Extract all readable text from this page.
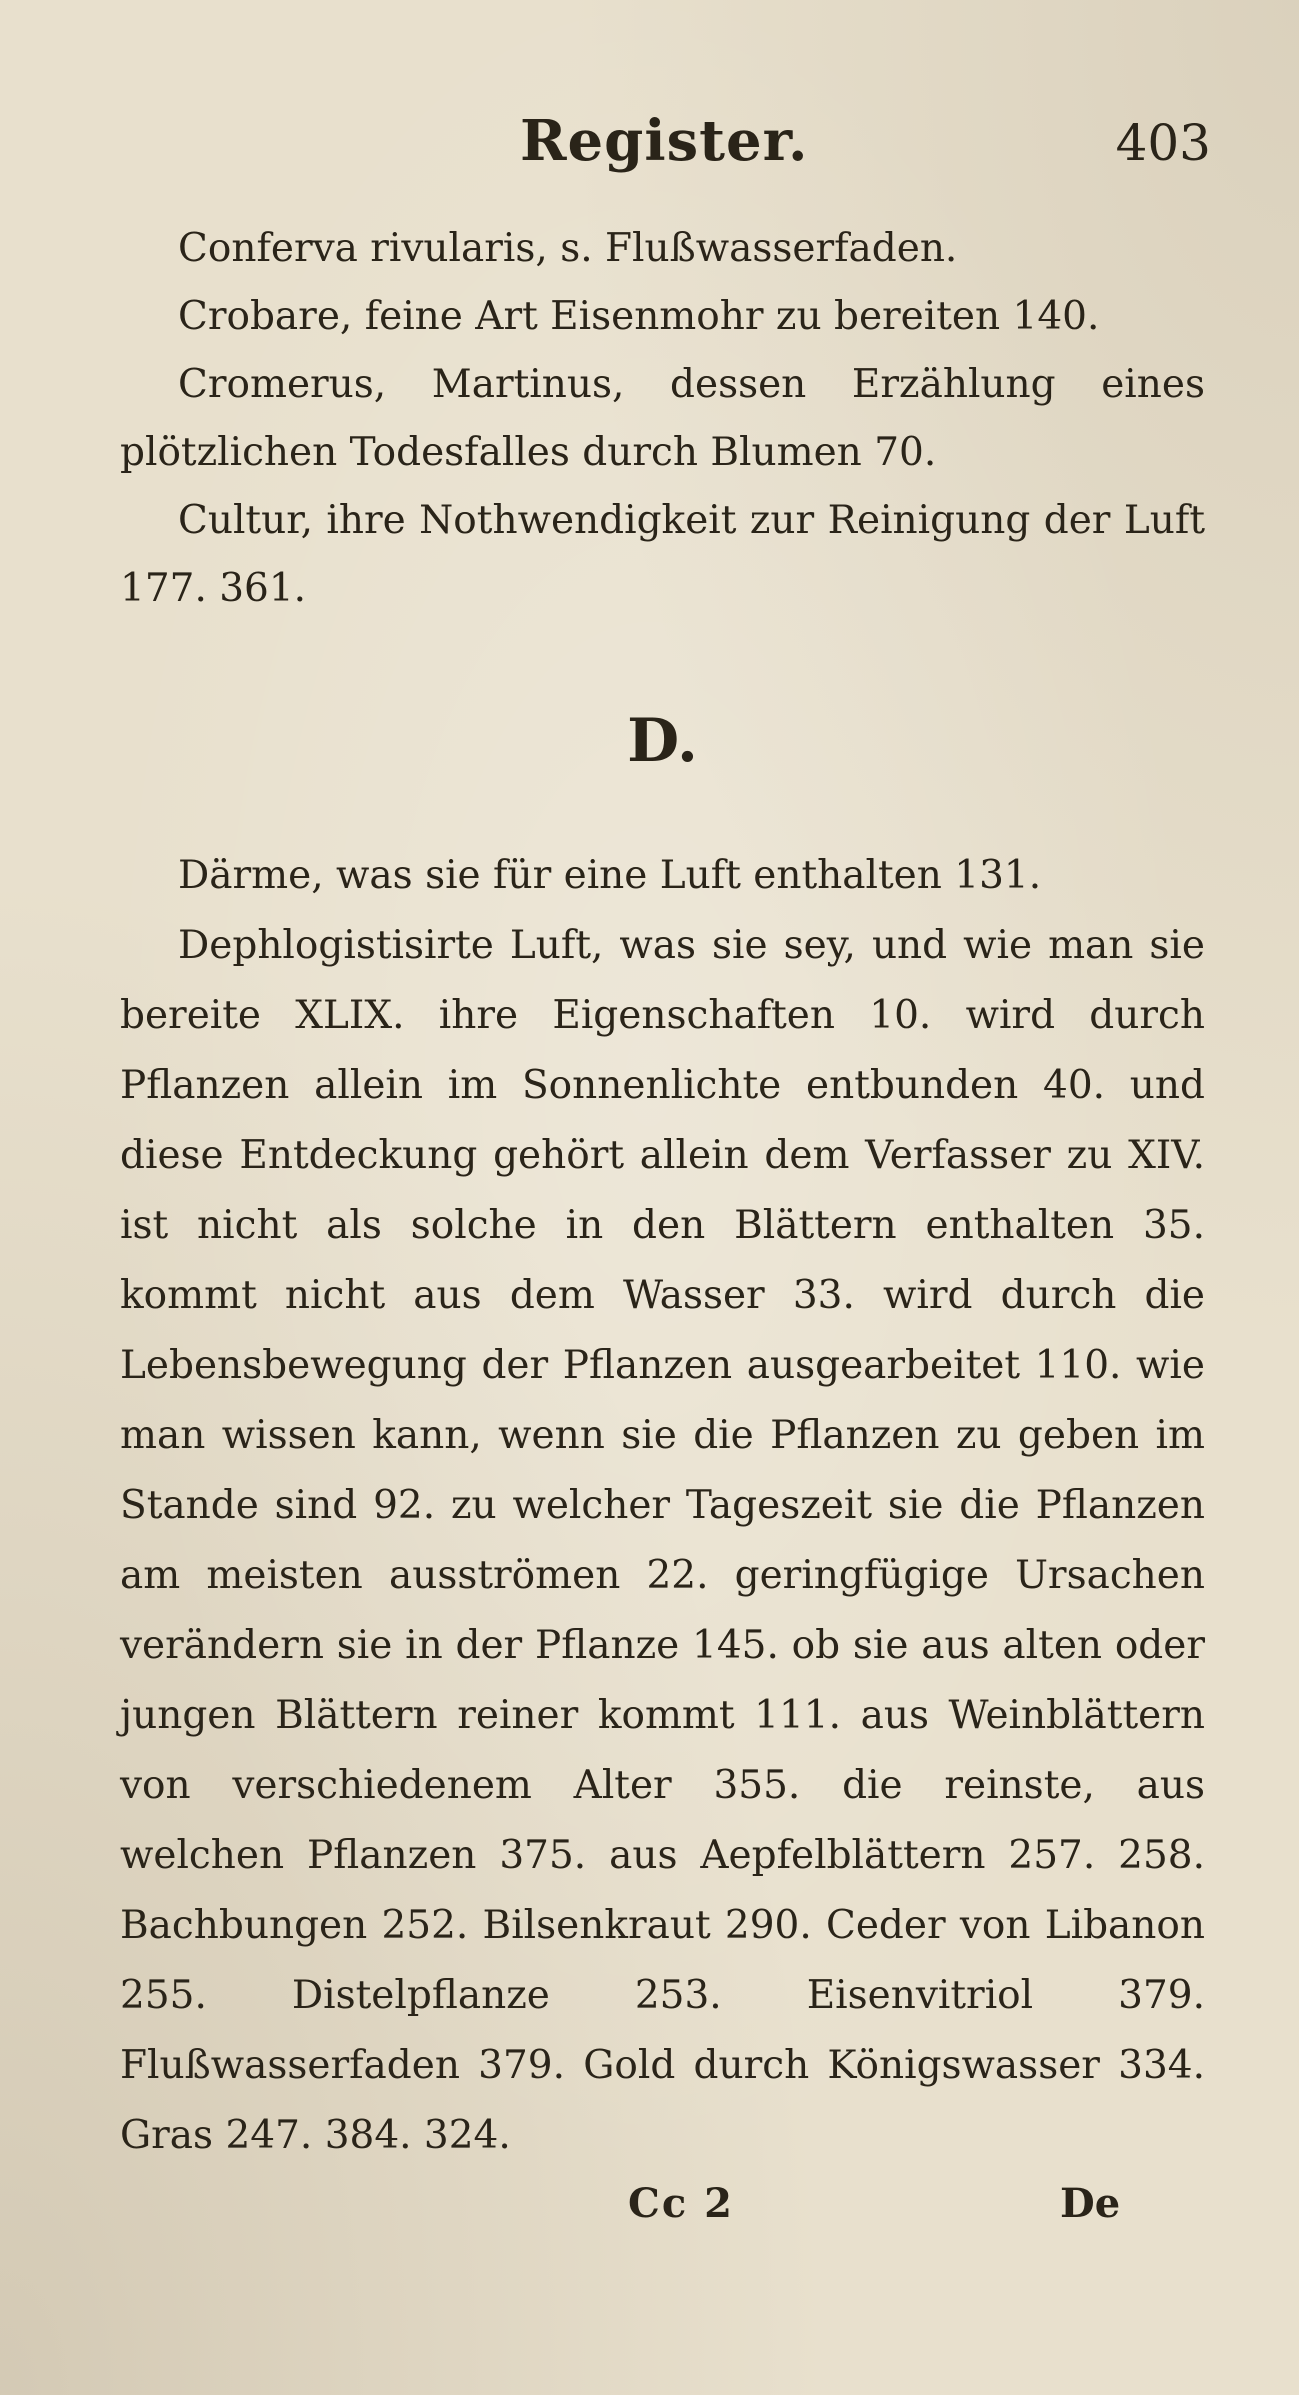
Register.	403

Conferva rivularis, s. Flußwasserfaden.

Crobare, feine Art Eisenmohr zu bereiten 140.

Cromerus, Martinus, dessen Erzählung eines plötzlichen Todesfalles durch Blumen 70.

Cultur, ihre Nothwendigkeit zur Reinigung der Luft 177. 361.

D.

Därme, was sie für eine Luft enthalten 131.

Dephlogistisirte Luft, was sie sey, und wie man sie bereite XLIX. ihre Eigenschaften 10. wird durch Pflanzen allein im Sonnenlichte entbunden 40. und diese Entdeckung gehört allein dem Verfasser zu XIV. ist nicht als solche in den Blättern enthalten 35. kommt nicht aus dem Wasser 33. wird durch die Lebensbewegung der Pflanzen ausgearbeitet 110. wie man wissen kann, wenn sie die Pflanzen zu geben im Stande sind 92. zu welcher Tageszeit sie die Pflanzen am meisten ausströmen 22. geringfügige Ursachen verändern sie in der Pflanze 145. ob sie aus alten oder jungen Blättern reiner kommt 111. aus Weinblättern von verschiedenem Alter 355. die reinste, aus welchen Pflanzen 375. aus Aepfelblättern 257. 258. Bachbungen 252. Bilsenkraut 290. Ceder von Libanon 255. Distelpflanze 253. Eisenvitriol 379. Flußwasserfaden 379. Gold durch Königswasser 334. Gras 247. 384. 324.

Cc 2	De
